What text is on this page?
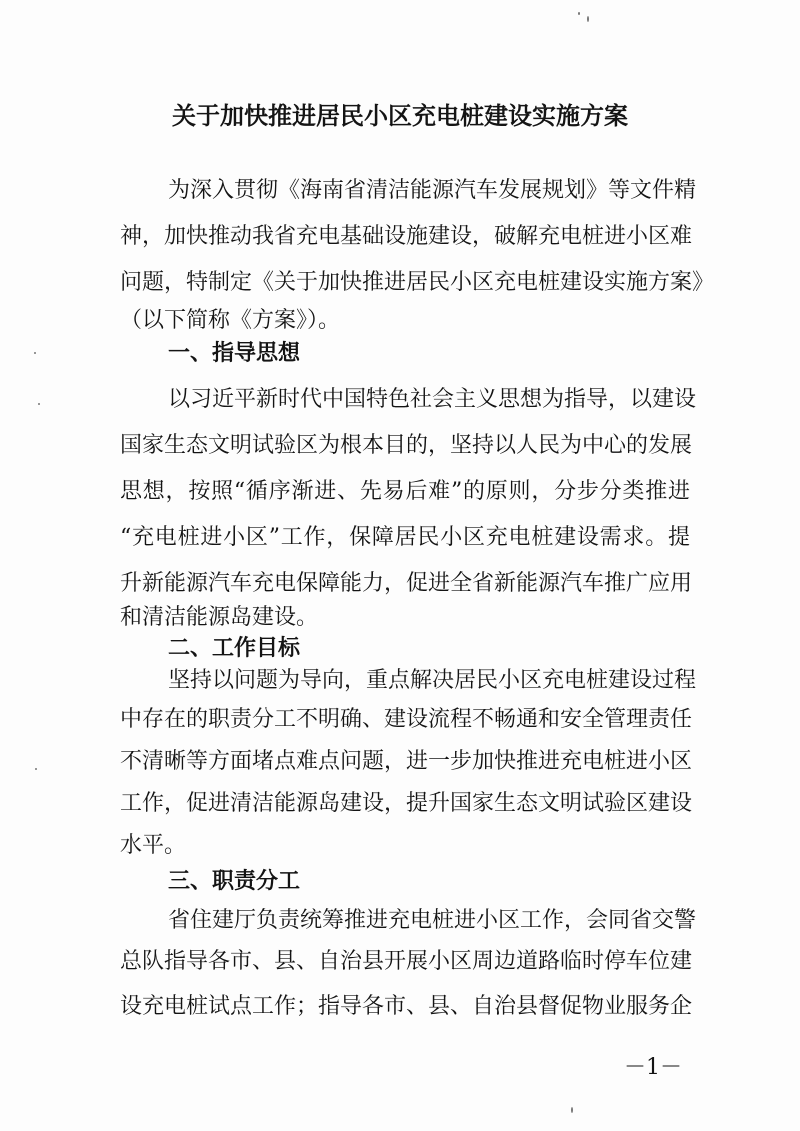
关于加快推进居民小区充电桩建设实施方案
为深入贯彻《海南省清洁能源汽车发展规划》等文件精
神，加快推动我省充电基础设施建设，破解充电桩进小区难
问题，特制定《关于加快推进居民小区充电桩建设实施方案》
（以下简称《方案》）。
一、指导思想
以习近平新时代中国特色社会主义思想为指导，以建设
国家生态文明试验区为根本目的，坚持以人民为中心的发展
思想，按照“循序渐进、先易后难”的原则，分步分类推进
“充电桩进小区”工作，保障居民小区充电桩建设需求。提
升新能源汽车充电保障能力，促进全省新能源汽车推广应用
和清洁能源岛建设。
二、工作目标
坚持以问题为导向，重点解决居民小区充电桩建设过程
中存在的职责分工不明确、建设流程不畅通和安全管理责任
不清晰等方面堵点难点问题，进一步加快推进充电桩进小区
工作，促进清洁能源岛建设，提升国家生态文明试验区建设
水平。
三、职责分工
省住建厅负责统筹推进充电桩进小区工作，会同省交警
总队指导各市、县、自治县开展小区周边道路临时停车位建
设充电桩试点工作；指导各市、县、自治县督促物业服务企
－1－
